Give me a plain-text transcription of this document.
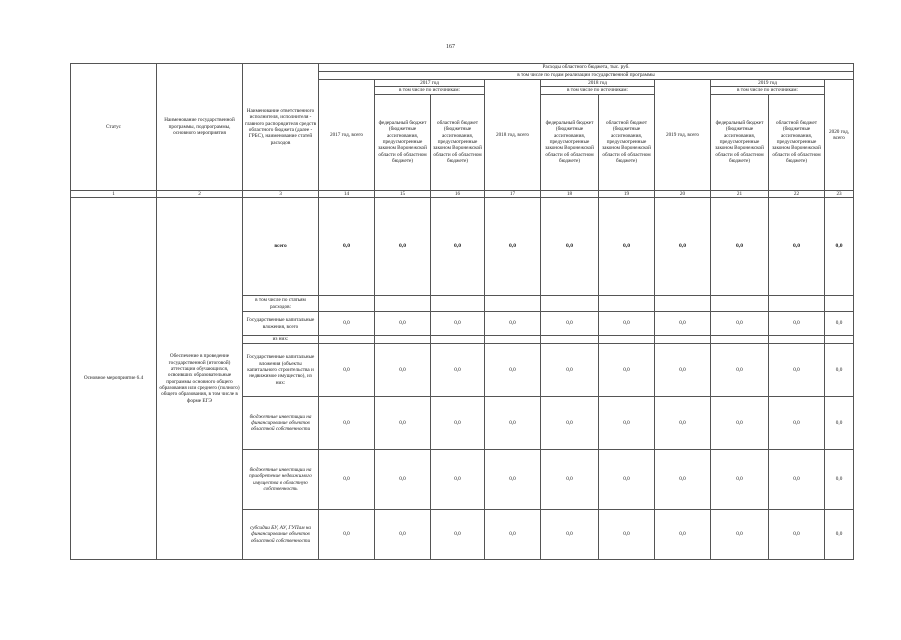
167
Статус	Наименование государственной программы, подпрограммы, основного мероприятия	Наименование ответственного исполнителя, исполнителя - главного распорядителя средств областного бюджета (далее - ГРБС), наименование статей расходов	Расходы областного бюджета, тыс. руб.									
			в том числе по годам реализации государственной программы									
			2017 год, всего	2017 год		2018 год, всего	2018 год		2019 год, всего	2019 год		2020 год, всего
				в том числе по источникам:			в том числе по источникам:			в том числе по источникам:		
				федеральный бюджет (бюджетные ассигнования, предусмотренные законом Воронежской области об областном бюджете)	областной бюджет (бюджетные ассигнования, предусмотренные законом Воронежской области об областном бюджете)		федеральный бюджет (бюджетные ассигнования, предусмотренные законом Воронежской области об областном бюджете)	областной бюджет (бюджетные ассигнования, предусмотренные законом Воронежской области об областном бюджете)		федеральный бюджет (бюджетные ассигнования, предусмотренные законом Воронежской области об областном бюджете)	областной бюджет (бюджетные ассигнования, предусмотренные законом Воронежской области об областном бюджете)	
1	2	3	14	15	16	17	18	19	20	21	22	23
Основное мероприятие 6.4	Обеспечение в проведение государственной (итоговой) аттестации обучающихся, освоивших образовательные программы основного общего образования или среднего (полного) общего образования, в том числе в форме ЕГЭ	всего	0,0	0,0	0,0	0,0	0,0	0,0	0,0	0,0	0,0	0,0
		в том числе по статьям расходов:										
		Государственные капитальные вложения, всего	0,0	0,0	0,0	0,0	0,0	0,0	0,0	0,0	0,0	0,0
		из них:										
		Государственные капитальные вложения (объекты капитального строительства и недвижимое имущество), из них:	0,0	0,0	0,0	0,0	0,0	0,0	0,0	0,0	0,0	0,0
		бюджетные инвестиции на финансирование объектов областной собственности	0,0	0,0	0,0	0,0	0,0	0,0	0,0	0,0	0,0	0,0
		бюджетные инвестиции на приобретение недвижимого имущества в областную собственность	0,0	0,0	0,0	0,0	0,0	0,0	0,0	0,0	0,0	0,0
		субсидии БУ, АУ, ГУПам на финансирование объектов областной собственности	0,0	0,0	0,0	0,0	0,0	0,0	0,0	0,0	0,0	0,0
